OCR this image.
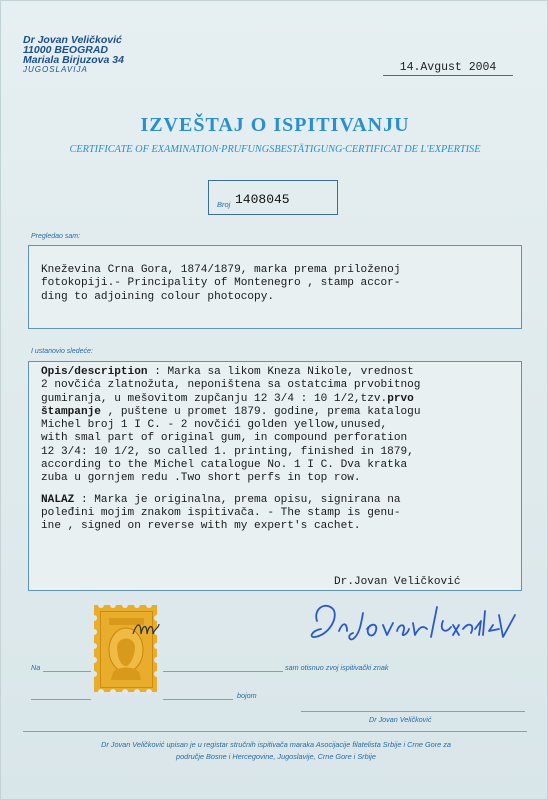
Dr Jovan Veličković
11000 BEOGRAD
Mariala Birjuzova 34
JUGOSLAVIJA	14.Avgust 2004
IZVEŠTAJ O ISPITIVANJU
CERTIFICATE OF EXAMINATION·PRUFUNGSBESTÄTIGUNG·CERTIFICAT DE L'EXPERTISE
Broj 1408045
Pregledao sam:
Kneževina Crna Gora, 1874/1879, marka prema priloženoj
fotokopiji.- Principality of Montenegro , stamp accor-
ding to adjoining colour photocopy.
I ustanovio sledeće:
Opis/description : Marka sa likom Kneza Nikole, vrednost
2 novčića zlatnožuta, neponištena sa ostatcima prvobitnog
gumiranja, u mešovitom zupčanju 12 3/4 : 10 1/2,tzv.prvo
štampanje , puštene u promet 1879. godine, prema katalogu
Michel broj 1 I C. - 2 novčići golden yellow,unused,
with smal part of original gum, in compound perforation
12 3/4: 10 1/2, so called 1. printing, finished in 1879,
according to the Michel catalogue No. 1 I C. Dva kratka
zuba u gornjem redu .Two short perfs in top row.
NALAZ : Marka je originalna, prema opisu, signirana na
poleđini mojim znakom ispitivača. - The stamp is genu-
ine , signed on reverse with my expert's cachet.
Dr.Jovan Veličković
Na	sam otisnuo zvoj ispitivački znak
bojom
Dr Jovan Veličković
Dr Jovan Veličković upisan je u registar stručnih ispitivača maraka Asocijacije filatelista Srbije i Crne Gore za
područje Bosne i Hercegovine, Jugoslavije, Crne Gore i Srbije
